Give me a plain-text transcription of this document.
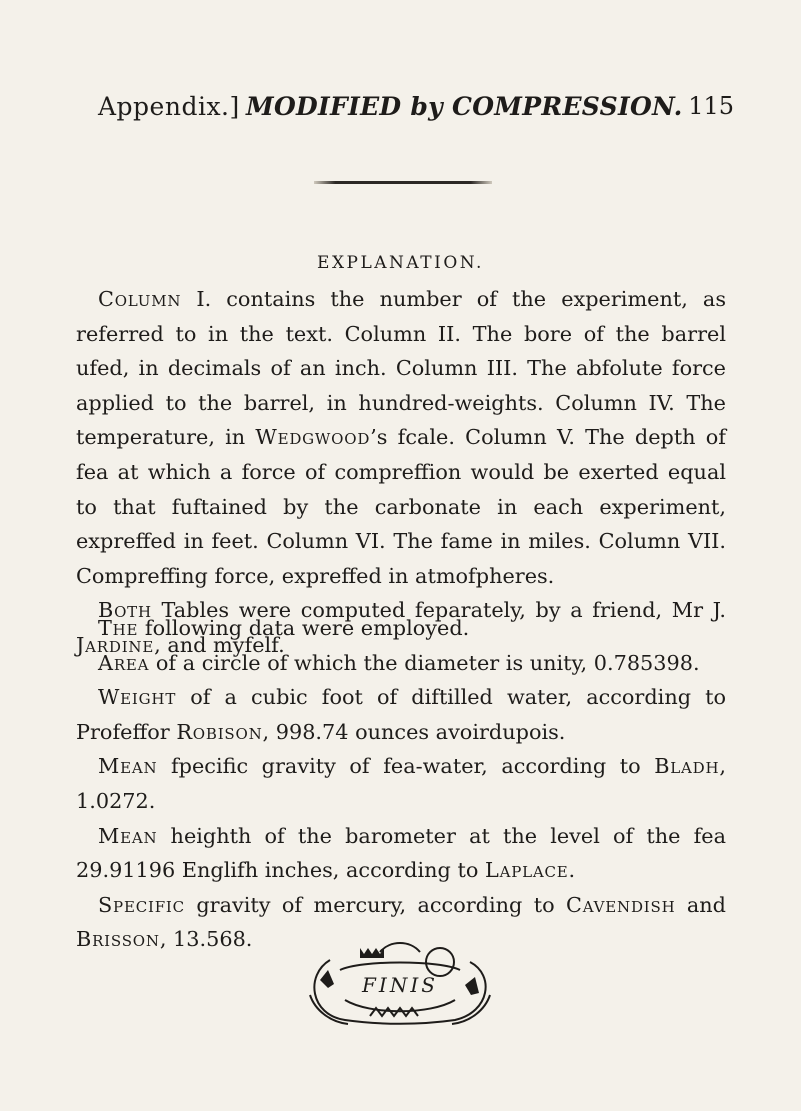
Appendix.] MODIFIED by COMPRESSION. 115
EXPLANATION.

Column I. contains the number of the experiment, as referred to in the text. Column II. The bore of the barrel ufed, in decimals of an inch. Column III. The abfolute force applied to the barrel, in hundred-weights. Column IV. The temperature, in Wedgwood’s fcale. Column V. The depth of fea at which a force of compreffion would be exerted equal to that fuftained by the carbonate in each experiment, expreffed in feet. Column VI. The fame in miles. Column VII. Compreffing force, expreffed in atmofpheres.

Both Tables were computed feparately, by a friend, Mr J. Jardine, and myfelf.

The following data were employed.

Area of a circle of which the diameter is unity, 0.785398.

Weight of a cubic foot of diftilled water, according to Profeffor Robison, 998.74 ounces avoirdupois.

Mean fpecific gravity of fea-water, according to Bladh, 1.0272.

Mean heighth of the barometer at the level of the fea 29.91196 Englifh inches, according to Laplace.

Specific gravity of mercury, according to Cavendish and Brisson, 13.568.

FINIS
